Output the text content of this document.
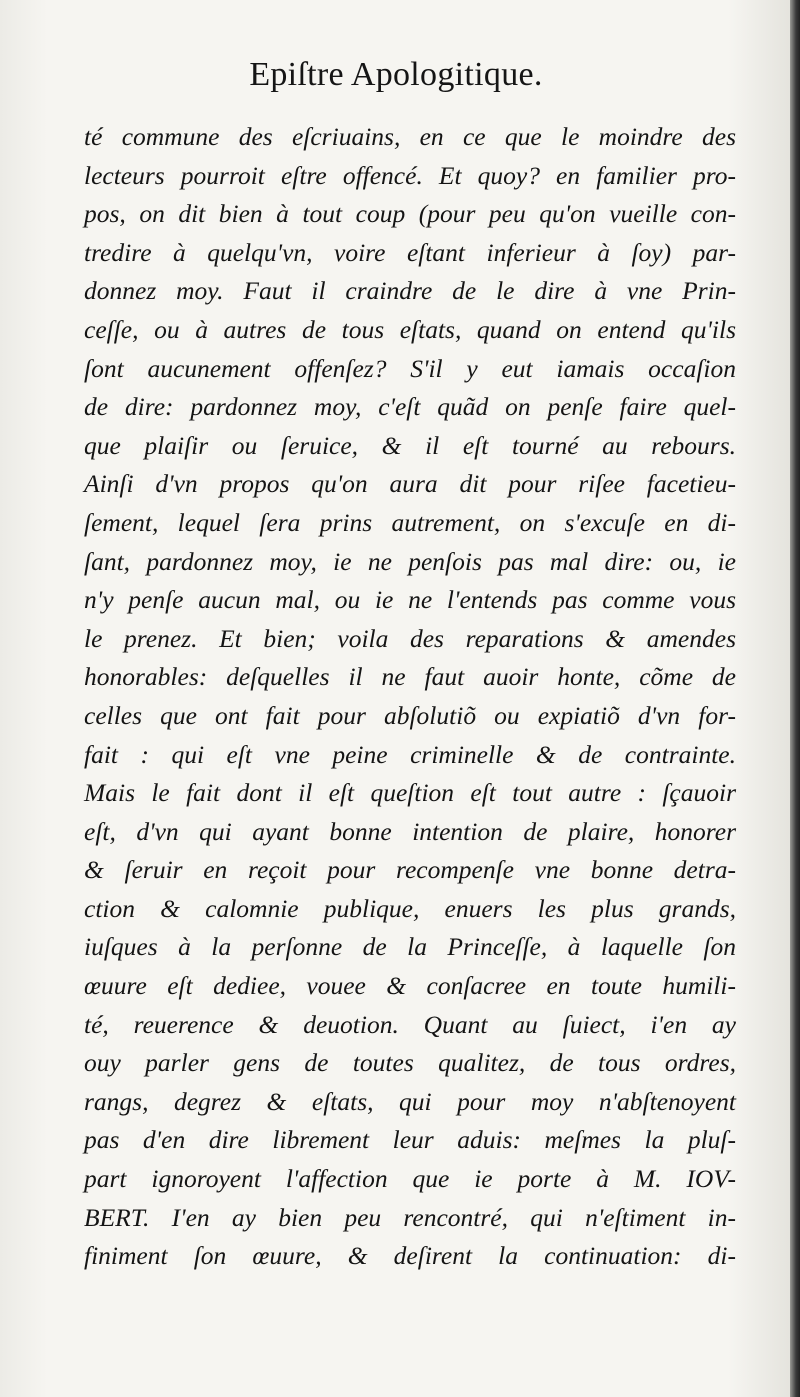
Epiſtre Apologitique.
té commune des eſcriuains, en ce que le moindre des
lecteurs pourroit eſtre offencé. Et quoy? en familier pro-
pos, on dit bien à tout coup (pour peu qu'on vueille con-
tredire à quelqu'vn, voire eſtant inferieur à ſoy) par-
donnez moy. Faut il craindre de le dire à vne Prin-
ceſſe, ou à autres de tous eſtats, quand on entend qu'ils
ſont aucunement offenſez? S'il y eut iamais occaſion
de dire: pardonnez moy, c'eſt quãd on penſe faire quel-
que plaiſir ou ſeruice, & il eſt tourné au rebours.
Ainſi d'vn propos qu'on aura dit pour riſee facetieu-
ſement, lequel ſera prins autrement, on s'excuſe en di-
ſant, pardonnez moy, ie ne penſois pas mal dire: ou, ie
n'y penſe aucun mal, ou ie ne l'entends pas comme vous
le prenez. Et bien; voila des reparations & amendes
honorables: deſquelles il ne faut auoir honte, cõme de
celles que ont fait pour abſolutiõ ou expiatiõ d'vn for-
fait : qui eſt vne peine criminelle & de contrainte.
Mais le fait dont il eſt queſtion eſt tout autre : ſçauoir
eſt, d'vn qui ayant bonne intention de plaire, honorer
& ſeruir en reçoit pour recompenſe vne bonne detra-
ction & calomnie publique, enuers les plus grands,
iuſques à la perſonne de la Princeſſe, à laquelle ſon
œuure eſt dediee, vouee & conſacree en toute humili-
té, reuerence & deuotion. Quant au ſuiect, i'en ay
ouy parler gens de toutes qualitez, de tous ordres,
rangs, degrez & eſtats, qui pour moy n'abſtenoyent
pas d'en dire librement leur aduis: meſmes la pluſ-
part ignoroyent l'affection que ie porte à M. IOV-
BERT. I'en ay bien peu rencontré, qui n'eſtiment in-
finiment ſon œuure, & deſirent la continuation: di-
